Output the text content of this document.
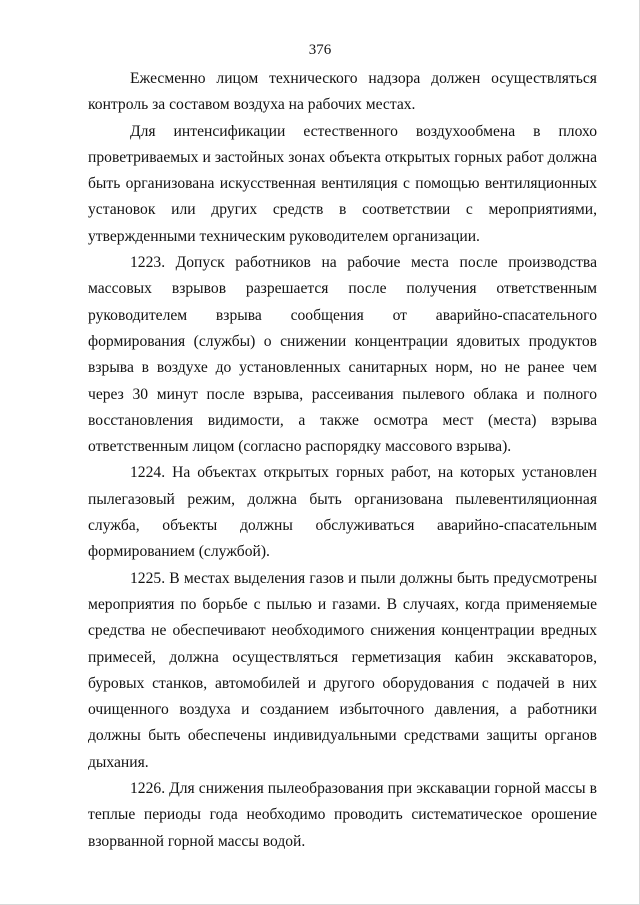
376

Ежесменно лицом технического надзора должен осуществляться контроль за составом воздуха на рабочих местах.

Для интенсификации естественного воздухообмена в плохо проветриваемых и застойных зонах объекта открытых горных работ должна быть организована искусственная вентиляция с помощью вентиляционных установок или других средств в соответствии с мероприятиями, утвержденными техническим руководителем организации.

1223. Допуск работников на рабочие места после производства массовых взрывов разрешается после получения ответственным руководителем взрыва сообщения от аварийно-спасательного формирования (службы) о снижении концентрации ядовитых продуктов взрыва в воздухе до установленных санитарных норм, но не ранее чем через 30 минут после взрыва, рассеивания пылевого облака и полного восстановления видимости, а также осмотра мест (места) взрыва ответственным лицом (согласно распорядку массового взрыва).

1224. На объектах открытых горных работ, на которых установлен пылегазовый режим, должна быть организована пылевентиляционная служба, объекты должны обслуживаться аварийно-спасательным формированием (службой).

1225. В местах выделения газов и пыли должны быть предусмотрены мероприятия по борьбе с пылью и газами. В случаях, когда применяемые средства не обеспечивают необходимого снижения концентрации вредных примесей, должна осуществляться герметизация кабин экскаваторов, буровых станков, автомобилей и другого оборудования с подачей в них очищенного воздуха и созданием избыточного давления, а работники должны быть обеспечены индивидуальными средствами защиты органов дыхания.

1226. Для снижения пылеобразования при экскавации горной массы в теплые периоды года необходимо проводить систематическое орошение взорванной горной массы водой.
